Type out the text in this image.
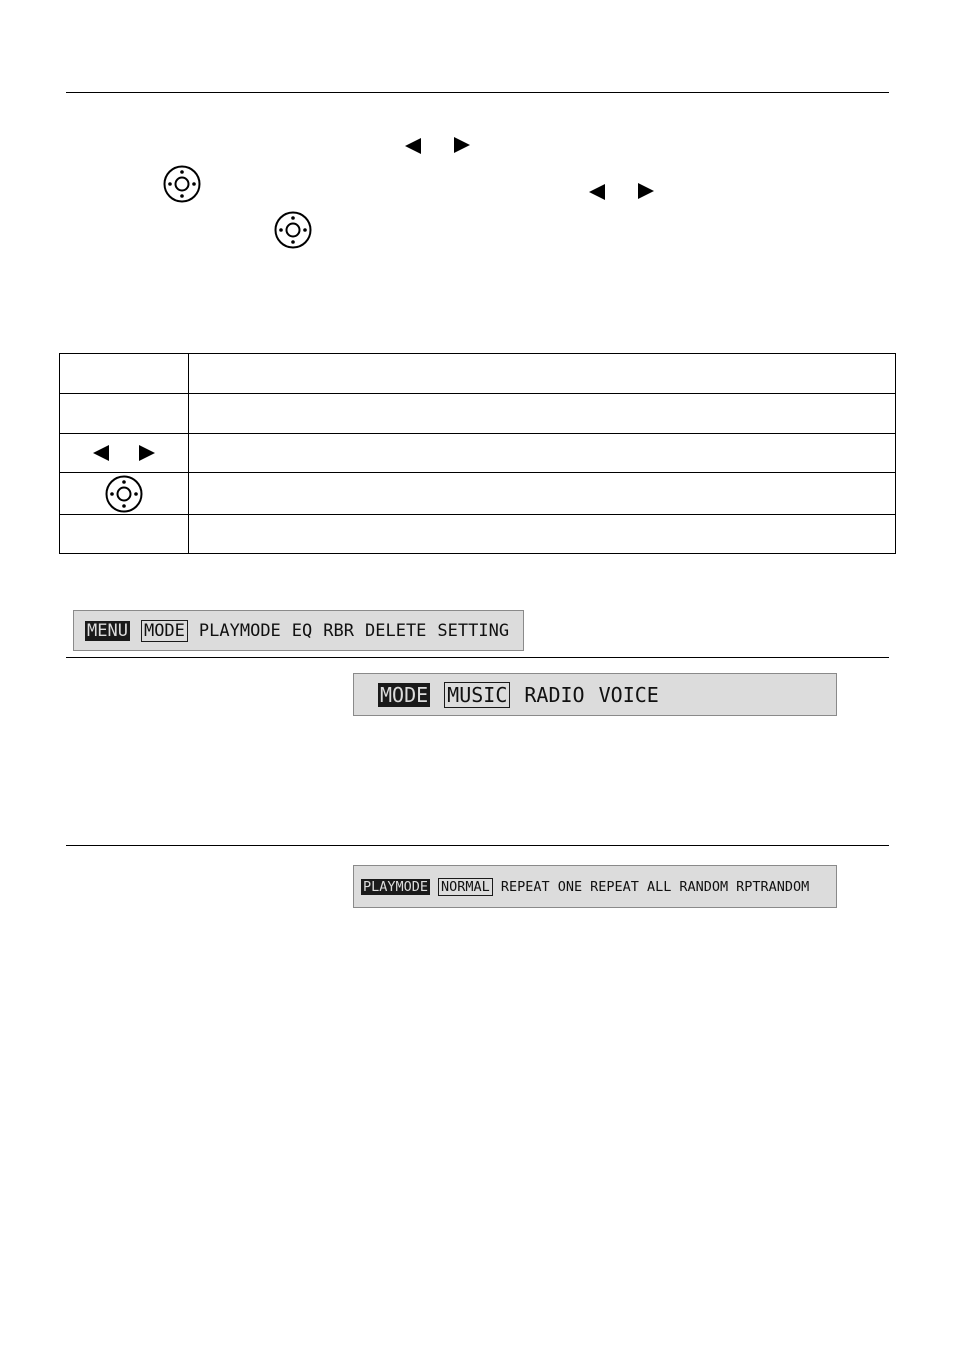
MENU MODE PLAYMODE EQ RBR DELETE SETTING
MODE MUSIC RADIO VOICE
PLAYMODE NORMAL REPEAT ONE REPEAT ALL RANDOM RPTRANDOM
